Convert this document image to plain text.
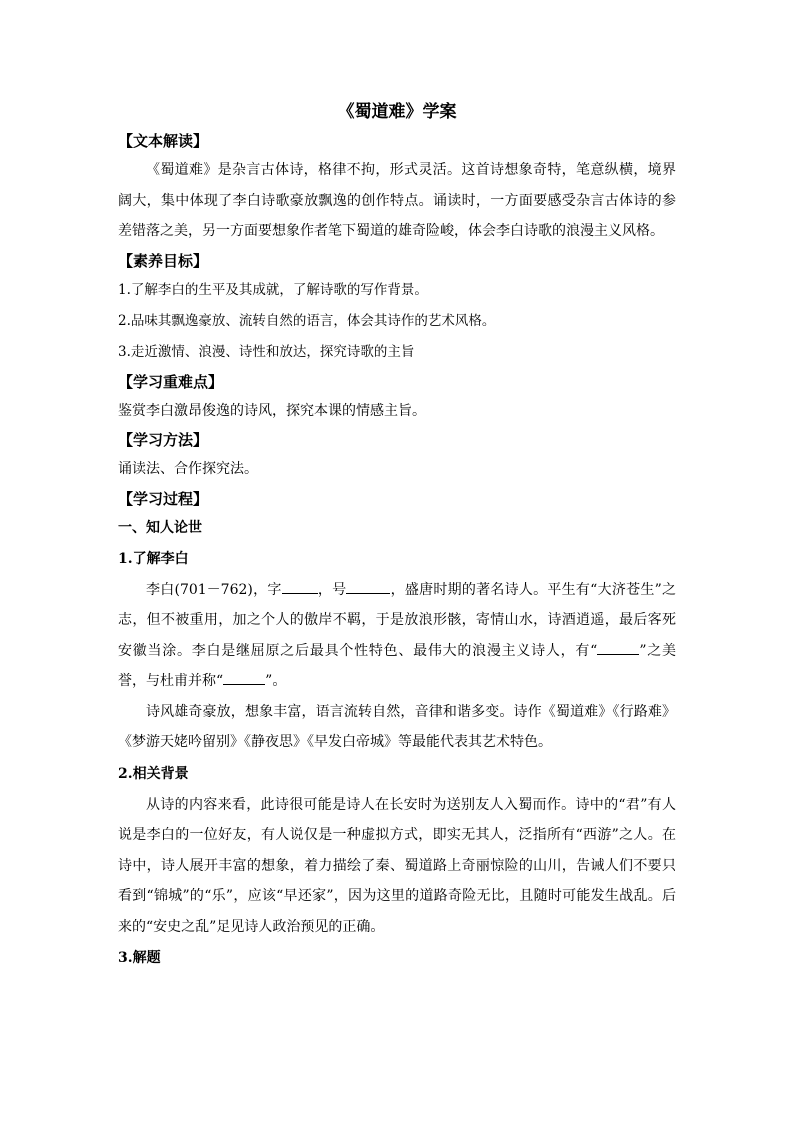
《蜀道难》学案
【文本解读】

《蜀道难》是杂言古体诗，格律不拘，形式灵活。这首诗想象奇特，笔意纵横，境界阔大，集中体现了李白诗歌豪放飘逸的创作特点。诵读时，一方面要感受杂言古体诗的参差错落之美，另一方面要想象作者笔下蜀道的雄奇险峻，体会李白诗歌的浪漫主义风格。

【素养目标】

1.了解李白的生平及其成就，了解诗歌的写作背景。

2.品味其飘逸豪放、流转自然的语言，体会其诗作的艺术风格。

3.走近激情、浪漫、诗性和放达，探究诗歌的主旨

【学习重难点】

鉴赏李白激昂俊逸的诗风，探究本课的情感主旨。

【学习方法】

诵读法、合作探究法。

【学习过程】
一、知人论世
1.了解李白

李白(701－762)，字	，号	，盛唐时期的著名诗人。平生有“大济苍生”之志，但不被重用，加之个人的傲岸不羁，于是放浪形骸，寄情山水，诗酒逍遥，最后客死安徽当涂。李白是继屈原之后最具个性特色、最伟大的浪漫主义诗人，有“	”之美誉，与杜甫并称“	”。

诗风雄奇豪放，想象丰富，语言流转自然，音律和谐多变。诗作《蜀道难》《行路难》《梦游天姥吟留别》《静夜思》《早发白帝城》等最能代表其艺术特色。

2.相关背景

从诗的内容来看，此诗很可能是诗人在长安时为送别友人入蜀而作。诗中的“君”有人说是李白的一位好友，有人说仅是一种虚拟方式，即实无其人，泛指所有“西游”之人。在诗中，诗人展开丰富的想象，着力描绘了秦、蜀道路上奇丽惊险的山川，告诫人们不要只看到“锦城”的“乐”，应该“早还家”，因为这里的道路奇险无比，且随时可能发生战乱。后来的“安史之乱”足见诗人政治预见的正确。

3.解题
